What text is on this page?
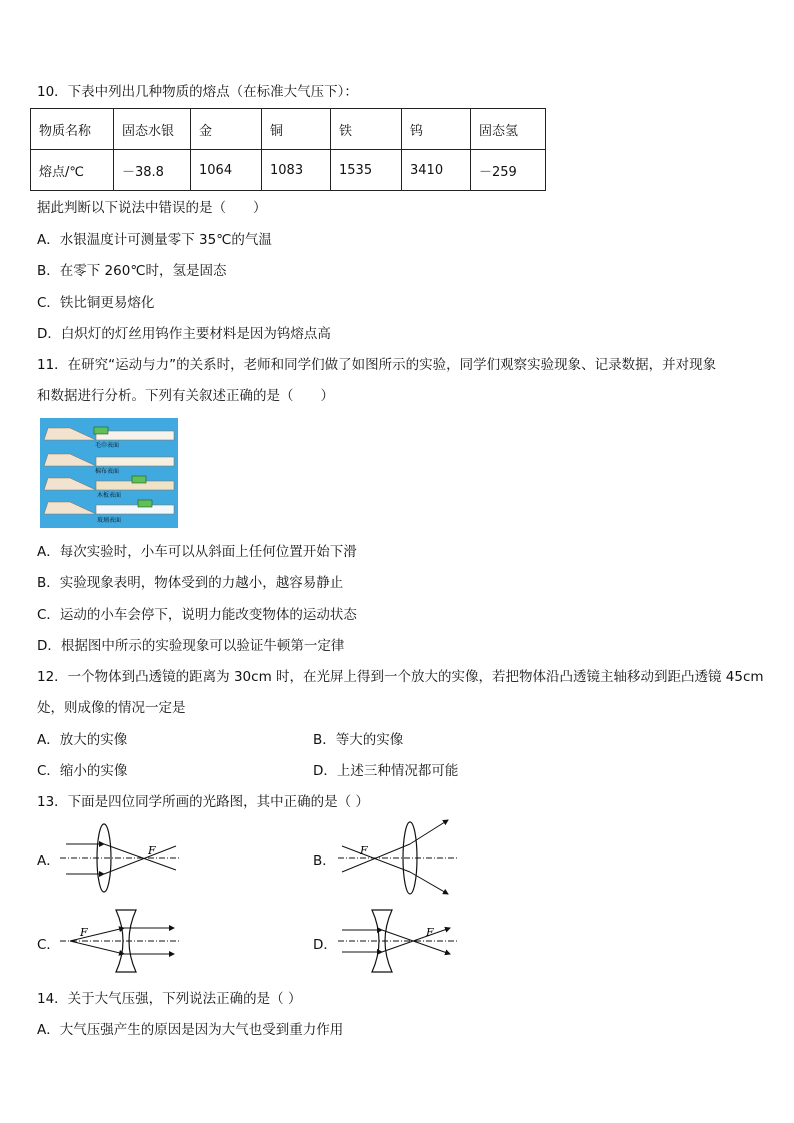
10．下表中列出几种物质的熔点（在标准大气压下）：
物质名称	固态水银	金	铜	铁	钨	固态氢
熔点/℃	－38.8	1064	1083	1535	3410	－259
据此判断以下说法中错误的是（　　）
A．水银温度计可测量零下 35℃的气温
B．在零下 260℃时，氢是固态
C．铁比铜更易熔化
D．白炽灯的灯丝用钨作主要材料是因为钨熔点高
11．在研究“运动与力”的关系时，老师和同学们做了如图所示的实验，同学们观察实验现象、记录数据，并对现象
和数据进行分析。下列有关叙述正确的是（　　）
毛巾表面
棉布表面
木板表面
玻璃表面
A．每次实验时，小车可以从斜面上任何位置开始下滑
B．实验现象表明，物体受到的力越小，越容易静止
C．运动的小车会停下，说明力能改变物体的运动状态
D．根据图中所示的实验现象可以验证牛顿第一定律
12．一个物体到凸透镜的距离为 30cm 时，在光屏上得到一个放大的实像，若把物体沿凸透镜主轴移动到距凸透镜 45cm
处，则成像的情况一定是
A．放大的实像	B．等大的实像
C．缩小的实像	D．上述三种情况都可能
13．下面是四位同学所画的光路图，其中正确的是（ ）
A．
F
B．
F
C．
F
D．
F
14．关于大气压强，下列说法正确的是（ ）
A．大气压强产生的原因是因为大气也受到重力作用
